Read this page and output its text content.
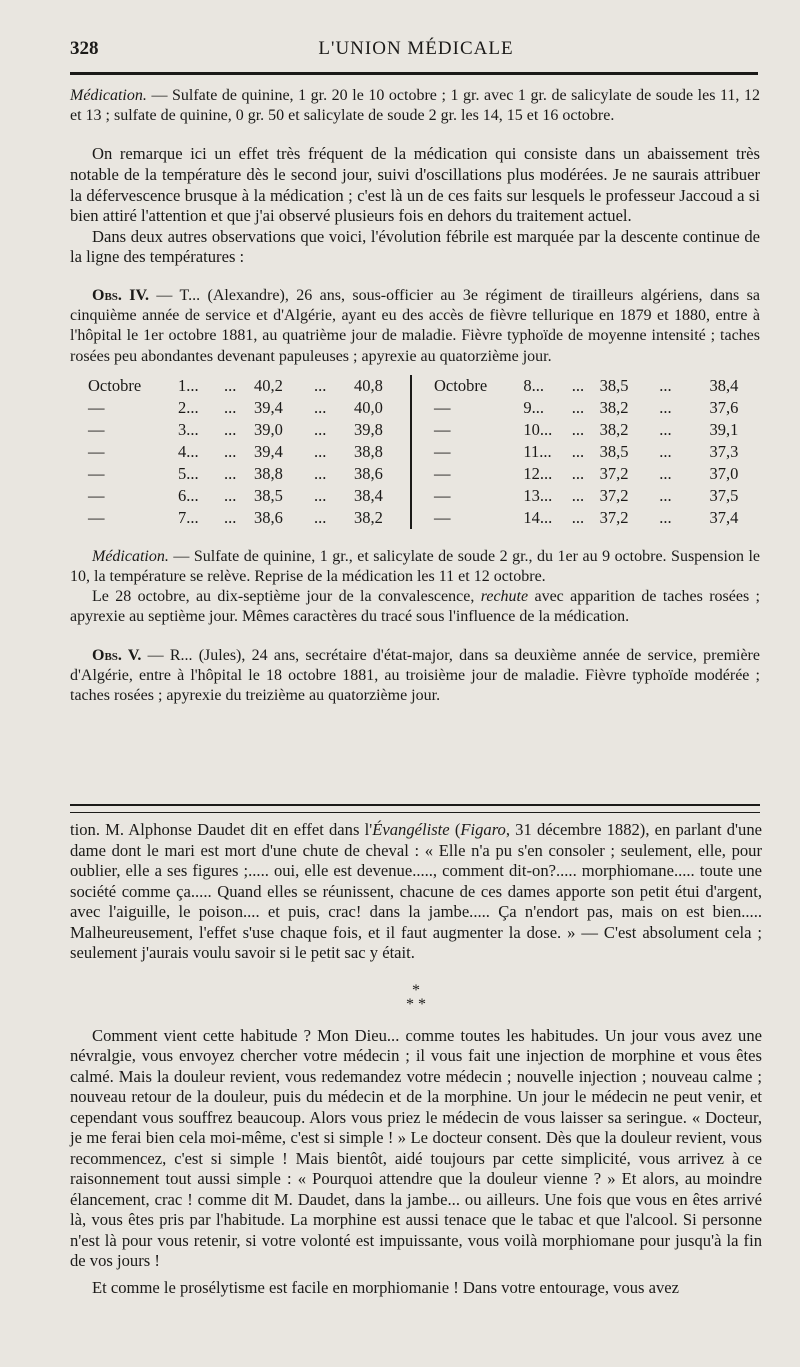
328	L'UNION MÉDICALE

Médication. — Sulfate de quinine, 1 gr. 20 le 10 octobre ; 1 gr. avec 1 gr. de salicylate de soude les 11, 12 et 13 ; sulfate de quinine, 0 gr. 50 et salicylate de soude 2 gr. les 14, 15 et 16 octobre.

On remarque ici un effet très fréquent de la médication qui consiste dans un abaissement très notable de la température dès le second jour, suivi d'oscillations plus modérées. Je ne saurais attribuer la défervescence brusque à la médication ; c'est là un de ces faits sur lesquels le professeur Jaccoud a si bien attiré l'attention et que j'ai observé plusieurs fois en dehors du traitement actuel.

Dans deux autres observations que voici, l'évolution fébrile est marquée par la descente continue de la ligne des températures :

Obs. IV. — T... (Alexandre), 26 ans, sous-officier au 3e régiment de tirailleurs algériens, dans sa cinquième année de service et d'Algérie, ayant eu des accès de fièvre tellurique en 1879 et 1880, entre à l'hôpital le 1er octobre 1881, au quatrième jour de maladie. Fièvre typhoïde de moyenne intensité ; taches rosées peu abondantes devenant papuleuses ; apyrexie au quatorzième jour.

Octobre	1...	...	40,2	...	40,8
—	2...	...	39,4	...	40,0
—	3...	...	39,0	...	39,8
—	4...	...	39,4	...	38,8
—	5...	...	38,8	...	38,6
—	6...	...	38,5	...	38,4
—	7...	...	38,6	...	38,2
Octobre	8...	... 38,5	...	38,4
—	9...	... 38,2	...	37,6
—	10...	... 38,2	...	39,1
—	11...	... 38,5	...	37,3
—	12...	... 37,2	...	37,0
—	13...	... 37,2	...	37,5
—	14...	... 37,2	...	37,4

Médication. — Sulfate de quinine, 1 gr., et salicylate de soude 2 gr., du 1er au 9 octobre. Suspension le 10, la température se relève. Reprise de la médication les 11 et 12 octobre.

Le 28 octobre, au dix-septième jour de la convalescence, rechute avec apparition de taches rosées ; apyrexie au septième jour. Mêmes caractères du tracé sous l'influence de la médication.

Obs. V. — R... (Jules), 24 ans, secrétaire d'état-major, dans sa deuxième année de service, première d'Algérie, entre à l'hôpital le 18 octobre 1881, au troisième jour de maladie. Fièvre typhoïde modérée ; taches rosées ; apyrexie du treizième au quatorzième jour.

tion. M. Alphonse Daudet dit en effet dans l'Évangéliste (Figaro, 31 décembre 1882), en parlant d'une dame dont le mari est mort d'une chute de cheval : « Elle n'a pu s'en consoler ; seulement, elle, pour oublier, elle a ses figures ;..... oui, elle est devenue....., comment dit-on?..... morphiomane..... toute une société comme ça..... Quand elles se réunissent, chacune de ces dames apporte son petit étui d'argent, avec l'aiguille, le poison.... et puis, crac! dans la jambe..... Ça n'endort pas, mais on est bien..... Malheureusement, l'effet s'use chaque fois, et il faut augmenter la dose. » — C'est absolument cela ; seulement j'aurais voulu savoir si le petit sac y était.

*
* *

Comment vient cette habitude ? Mon Dieu... comme toutes les habitudes. Un jour vous avez une névralgie, vous envoyez chercher votre médecin ; il vous fait une injection de morphine et vous êtes calmé. Mais la douleur revient, vous redemandez votre médecin ; nouvelle injection ; nouveau calme ; nouveau retour de la douleur, puis du médecin et de la morphine. Un jour le médecin ne peut venir, et cependant vous souffrez beaucoup. Alors vous priez le médecin de vous laisser sa seringue. « Docteur, je me ferai bien cela moi-même, c'est si simple ! » Le docteur consent. Dès que la douleur revient, vous recommencez, c'est si simple ! Mais bientôt, aidé toujours par cette simplicité, vous arrivez à ce raisonnement tout aussi simple : « Pourquoi attendre que la douleur vienne ? » Et alors, au moindre élancement, crac ! comme dit M. Daudet, dans la jambe... ou ailleurs. Une fois que vous en êtes arrivé là, vous êtes pris par l'habitude. La morphine est aussi tenace que le tabac et que l'alcool. Si personne n'est là pour vous retenir, si votre volonté est impuissante, vous voilà morphiomane pour jusqu'à la fin de vos jours !

Et comme le prosélytisme est facile en morphiomanie ! Dans votre entourage, vous avez
